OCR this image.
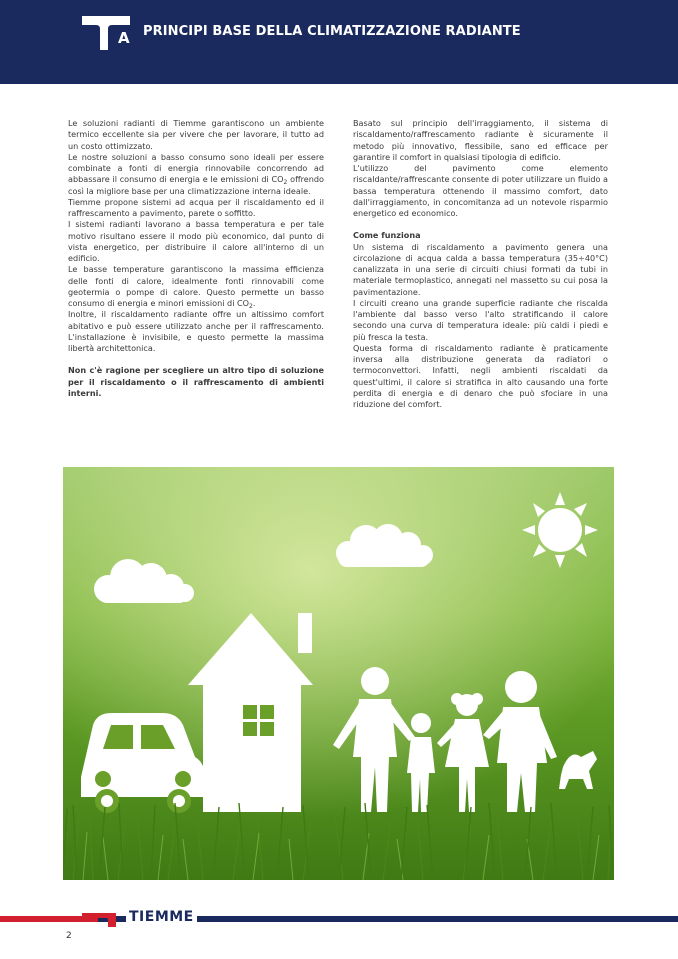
A PRINCIPI BASE DELLA CLIMATIZZAZIONE RADIANTE

Le soluzioni radianti di Tiemme garantiscono un ambiente termico eccellente sia per vivere che per lavorare, il tutto ad un costo ottimizzato.

Le nostre soluzioni a basso consumo sono ideali per essere combinate a fonti di energia rinnovabile concorrendo ad abbassare il consumo di energia e le emissioni di $CO_2$ offrendo così la migliore base per una climatizzazione interna ideale.

Tiemme propone sistemi ad acqua per il riscaldamento ed il raffrescamento a pavimento, parete o soffitto.

I sistemi radianti lavorano a bassa temperatura e per tale motivo risultano essere il modo più economico, dal punto di vista energetico, per distribuire il calore all'interno di un edificio.

Le basse temperature garantiscono la massima efficienza delle fonti di calore, idealmente fonti rinnovabili come geotermia o pompe di calore. Questo permette un basso consumo di energia e minori emissioni di $CO_2$.

Inoltre, il riscaldamento radiante offre un altissimo comfort abitativo e può essere utilizzato anche per il raffrescamento. L'installazione è invisibile, e questo permette la massima libertà architettonica.

Non c'è ragione per scegliere un altro tipo di soluzione per il riscaldamento o il raffrescamento di ambienti interni.

Basato sul principio dell'irraggiamento, il sistema di riscaldamento/raffrescamento radiante è sicuramente il metodo più innovativo, flessibile, sano ed efficace per garantire il comfort in qualsiasi tipologia di edificio.

L'utilizzo del pavimento come elemento riscaldante/raffrescante consente di poter utilizzare un fluido a bassa temperatura ottenendo il massimo comfort, dato dall'irraggiamento, in concomitanza ad un notevole risparmio energetico ed economico.

Come funziona

Un sistema di riscaldamento a pavimento genera una circolazione di acqua calda a bassa temperatura (35÷40°C) canalizzata in una serie di circuiti chiusi formati da tubi in materiale termoplastico, annegati nel massetto su cui posa la pavimentazione.

I circuiti creano una grande superficie radiante che riscalda l'ambiente dal basso verso l'alto stratificando il calore secondo una curva di temperatura ideale: più caldi i piedi e più fresca la testa.

Questa forma di riscaldamento radiante è praticamente inversa alla distribuzione generata da radiatori o termoconvettori. Infatti, negli ambienti riscaldati da quest'ultimi, il calore si stratifica in alto causando una forte perdita di energia e di denaro che può sfociare in una riduzione del comfort.

TIEMME
2
